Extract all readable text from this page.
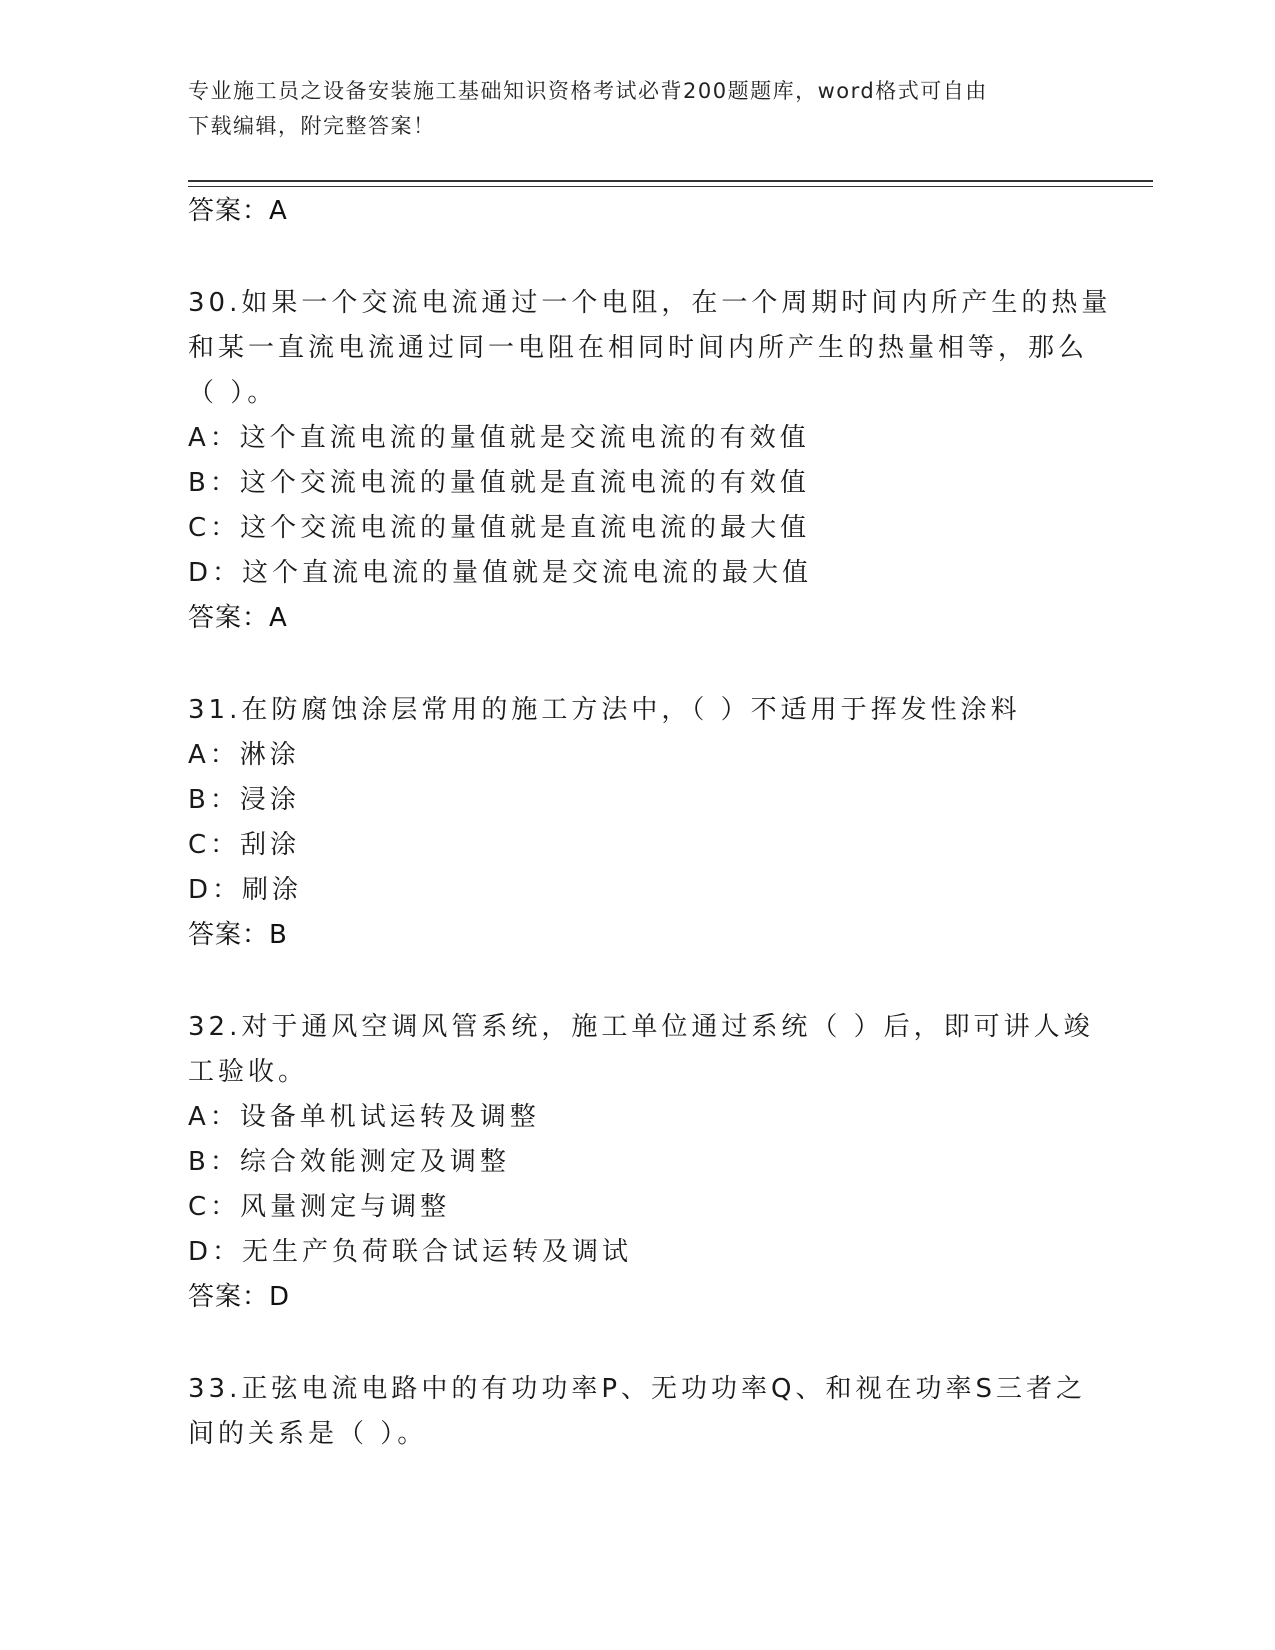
专业施工员之设备安装施工基础知识资格考试必背200题题库，word格式可自由
下载编辑，附完整答案！
答案：A
30.如果一个交流电流通过一个电阻，在一个周期时间内所产生的热量
和某一直流电流通过同一电阻在相同时间内所产生的热量相等，那么
（ ）。
A：这个直流电流的量值就是交流电流的有效值
B：这个交流电流的量值就是直流电流的有效值
C：这个交流电流的量值就是直流电流的最大值
D：这个直流电流的量值就是交流电流的最大值
答案：A
31.在防腐蚀涂层常用的施工方法中，（ ）不适用于挥发性涂料
A：淋涂
B：浸涂
C：刮涂
D：刷涂
答案：B
32.对于通风空调风管系统，施工单位通过系统（ ）后，即可讲人竣
工验收。
A：设备单机试运转及调整
B：综合效能测定及调整
C：风量测定与调整
D：无生产负荷联合试运转及调试
答案：D
33.正弦电流电路中的有功功率P、无功功率Q、和视在功率S三者之
间的关系是（ ）。
